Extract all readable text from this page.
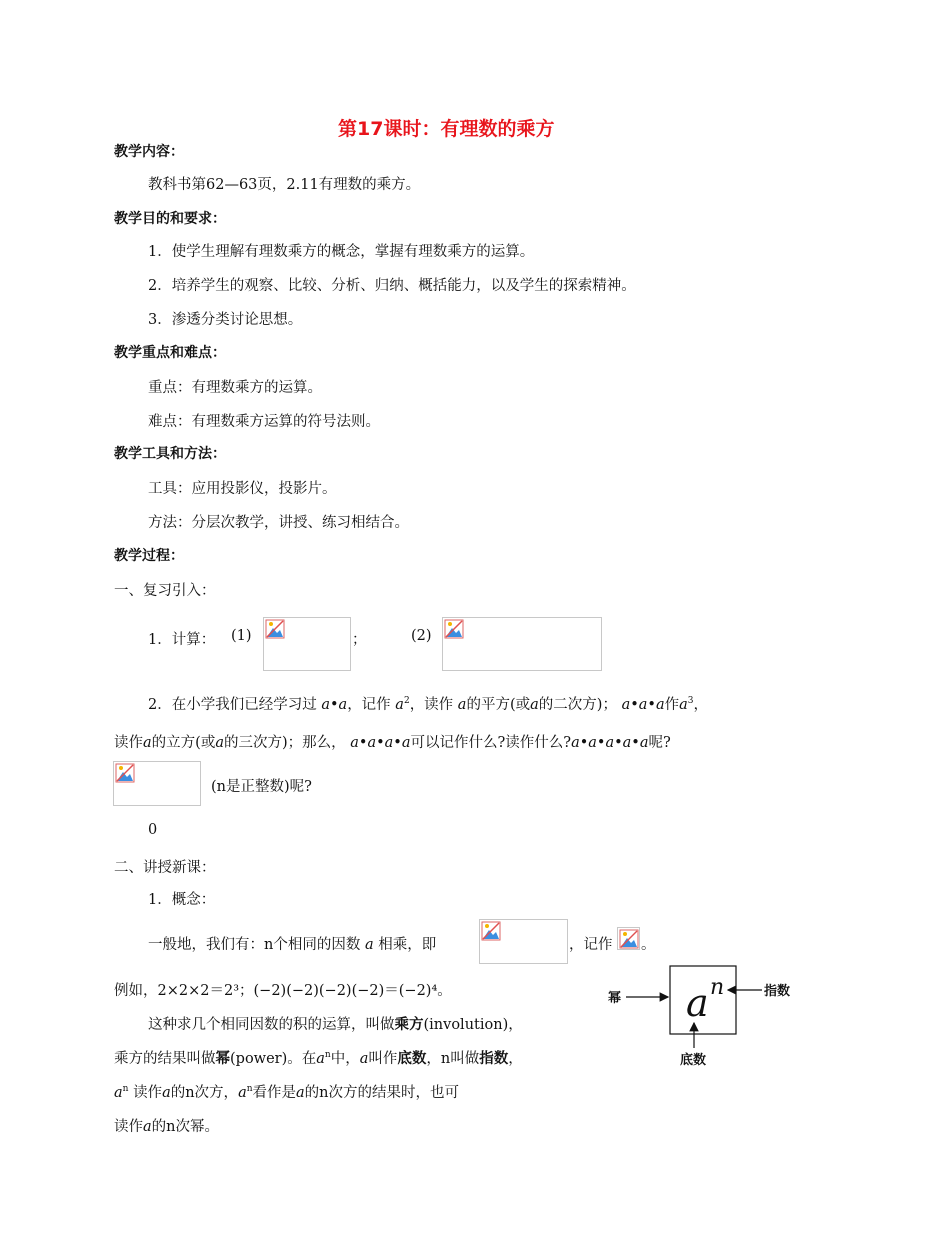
第17课时：有理数的乘方
教学内容：
教科书第62—63页，2.11有理数的乘方。
教学目的和要求：
1．使学生理解有理数乘方的概念，掌握有理数乘方的运算。
2．培养学生的观察、比较、分析、归纳、概括能力，以及学生的探索精神。
3．渗透分类讨论思想。
教学重点和难点：
重点：有理数乘方的运算。
难点：有理数乘方运算的符号法则。
教学工具和方法：
工具：应用投影仪，投影片。
方法：分层次教学，讲授、练习相结合。
教学过程：
一、复习引入：
1．计算： (1)	；	(2)
2．在小学我们已经学习过 a•a，记作 $a^2$，读作 a的平方(或a的二次方)； a•a•a作$a^3$，
读作a的立方(或a的三次方)；那么， a•a•a•a可以记作什么?读作什么?a•a•a•a•a呢?
(n是正整数)呢?
0
二、讲授新课：
1．概念：
一般地，我们有：n个相同的因数 a 相乘，即	，记作 。
例如，2×2×2＝2³；(−2)(−2)(−2)(−2)＝(−2)⁴。
这种求几个相同因数的积的运算，叫做乘方(involution)，
乘方的结果叫做幂(power)。在$a^n$中，a叫作底数，n叫做指数，
$a^n$ 读作a的n次方，$a^n$看作是a的n次方的结果时，也可
读作a的n次幂。
a n
幂	指数
底数
